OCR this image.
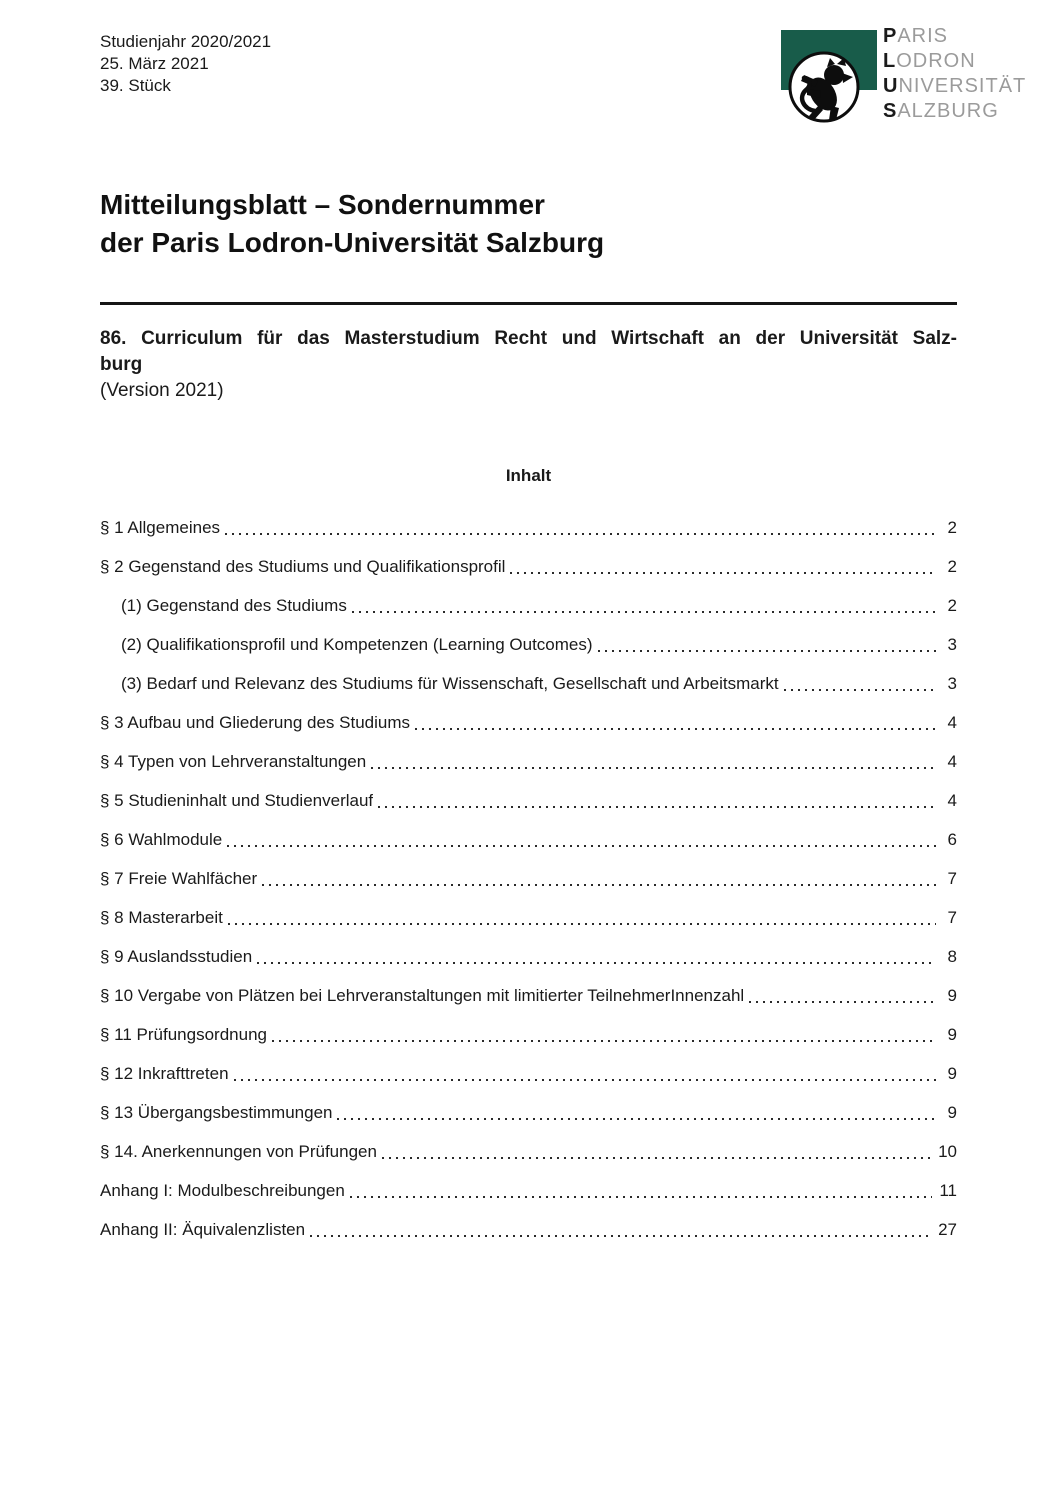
Studienjahr 2020/2021
25. März 2021
39. Stück
PARIS
LODRON
UNIVERSITÄT
SALZBURG
Mitteilungsblatt – Sondernummer
der Paris Lodron-Universität Salzburg
86. Curriculum für das Masterstudium Recht und Wirtschaft an der Universität Salz-
burg
(Version 2021)
Inhalt
§ 1 Allgemeines	2
§ 2 Gegenstand des Studiums und Qualifikationsprofil	2
(1) Gegenstand des Studiums	2
(2) Qualifikationsprofil und Kompetenzen (Learning Outcomes)	3
(3) Bedarf und Relevanz des Studiums für Wissenschaft, Gesellschaft und Arbeitsmarkt	3
§ 3 Aufbau und Gliederung des Studiums	4
§ 4 Typen von Lehrveranstaltungen	4
§ 5 Studieninhalt und Studienverlauf	4
§ 6 Wahlmodule	6
§ 7 Freie Wahlfächer	7
§ 8 Masterarbeit	7
§ 9 Auslandsstudien	8
§ 10 Vergabe von Plätzen bei Lehrveranstaltungen mit limitierter TeilnehmerInnenzahl	9
§ 11 Prüfungsordnung	9
§ 12 Inkrafttreten	9
§ 13 Übergangsbestimmungen	9
§ 14. Anerkennungen von Prüfungen	10
Anhang I: Modulbeschreibungen	11
Anhang II: Äquivalenzlisten	27
